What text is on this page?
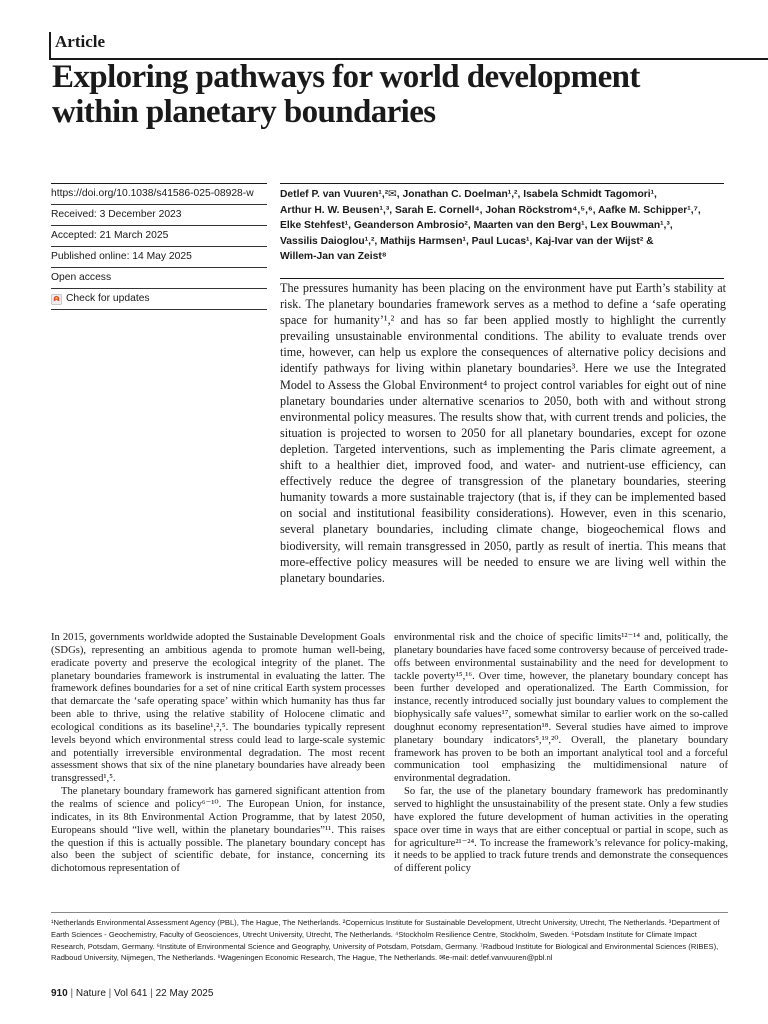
Article
Exploring pathways for world development
within planetary boundaries
https://doi.org/10.1038/s41586-025-08928-w
Received: 3 December 2023
Accepted: 21 March 2025
Published online: 14 May 2025
Open access
Check for updates

Detlef P. van Vuuren¹,²✉, Jonathan C. Doelman¹,², Isabela Schmidt Tagomori¹,

Arthur H. W. Beusen¹,³, Sarah E. Cornell⁴, Johan Röckstrom⁴,⁵,⁶, Aafke M. Schipper¹,⁷,

Elke Stehfest¹, Geanderson Ambrosio², Maarten van den Berg¹, Lex Bouwman¹,³,

Vassilis Daioglou¹,², Mathijs Harmsen¹, Paul Lucas¹, Kaj-Ivar van der Wijst² &

Willem-Jan van Zeist⁸

The pressures humanity has been placing on the environment have put Earth’s stability at risk. The planetary boundaries framework serves as a method to define a ‘safe operating space for humanity’¹,² and has so far been applied mostly to highlight the currently prevailing unsustainable environmental conditions. The ability to evaluate trends over time, however, can help us explore the consequences of alternative policy decisions and identify pathways for living within planetary boundaries³. Here we use the Integrated Model to Assess the Global Environment⁴ to project control variables for eight out of nine planetary boundaries under alternative scenarios to 2050, both with and without strong environmental policy measures. The results show that, with current trends and policies, the situation is projected to worsen to 2050 for all planetary boundaries, except for ozone depletion. Targeted interventions, such as implementing the Paris climate agreement, a shift to a healthier diet, improved food, and water- and nutrient-use efficiency, can effectively reduce the degree of transgression of the planetary boundaries, steering humanity towards a more sustainable trajectory (that is, if they can be implemented based on social and institutional feasibility considerations). However, even in this scenario, several planetary boundaries, including climate change, biogeochemical flows and biodiversity, will remain transgressed in 2050, partly as result of inertia. This means that more-effective policy measures will be needed to ensure we are living well within the planetary boundaries.

In 2015, governments worldwide adopted the Sustainable Development Goals (SDGs), representing an ambitious agenda to promote human well-being, eradicate poverty and preserve the ecological integrity of the planet. The planetary boundaries framework is instrumental in evaluating the latter. The framework defines boundaries for a set of nine critical Earth system processes that demarcate the ‘safe operating space’ within which humanity has thus far been able to thrive, using the relative stability of Holocene climatic and ecological conditions as its baseline¹,²,⁵. The boundaries typically represent levels beyond which environmental stress could lead to large-scale systemic and potentially irreversible environmental degradation. The most recent assessment shows that six of the nine planetary boundaries have already been transgressed¹,⁵.

The planetary boundary framework has garnered significant attention from the realms of science and policy⁶⁻¹⁰. The European Union, for instance, indicates, in its 8th Environmental Action Programme, that by latest 2050, Europeans should “live well, within the planetary boundaries”¹¹. This raises the question if this is actually possible. The planetary boundary concept has also been the subject of scientific debate, for instance, concerning its dichotomous representation of

environmental risk and the choice of specific limits¹²⁻¹⁴ and, politically, the planetary boundaries have faced some controversy because of perceived trade-offs between environmental sustainability and the need for development to tackle poverty¹⁵,¹⁶. Over time, however, the planetary boundary concept has been further developed and operationalized. The Earth Commission, for instance, recently introduced socially just boundary values to complement the biophysically safe values¹⁷, somewhat similar to earlier work on the so-called doughnut economy representation¹⁸. Several studies have aimed to improve planetary boundary indicators⁵,¹⁹,²⁰. Overall, the planetary boundary framework has proven to be both an important analytical tool and a forceful communication tool emphasizing the multidimensional nature of environmental degradation.

So far, the use of the planetary boundary framework has predominantly served to highlight the unsustainability of the present state. Only a few studies have explored the future development of human activities in the operating space over time in ways that are either conceptual or partial in scope, such as for agriculture²¹⁻²⁴. To increase the framework’s relevance for policy-making, it needs to be applied to track future trends and demonstrate the consequences of different policy

¹Netherlands Environmental Assessment Agency (PBL), The Hague, The Netherlands. ²Copernicus Institute for Sustainable Development, Utrecht University, Utrecht, The Netherlands. ³Department of Earth Sciences - Geochemistry, Faculty of Geosciences, Utrecht University, Utrecht, The Netherlands. ⁴Stockholm Resilience Centre, Stockholm, Sweden. ⁵Potsdam Institute for Climate Impact Research, Potsdam, Germany. ⁶Institute of Environmental Science and Geography, University of Potsdam, Potsdam, Germany. ⁷Radboud Institute for Biological and Environmental Sciences (RIBES), Radboud University, Nijmegen, The Netherlands. ⁸Wageningen Economic Research, The Hague, The Netherlands. ✉e-mail: detlef.vanvuuren@pbl.nl

910 | Nature | Vol 641 | 22 May 2025
